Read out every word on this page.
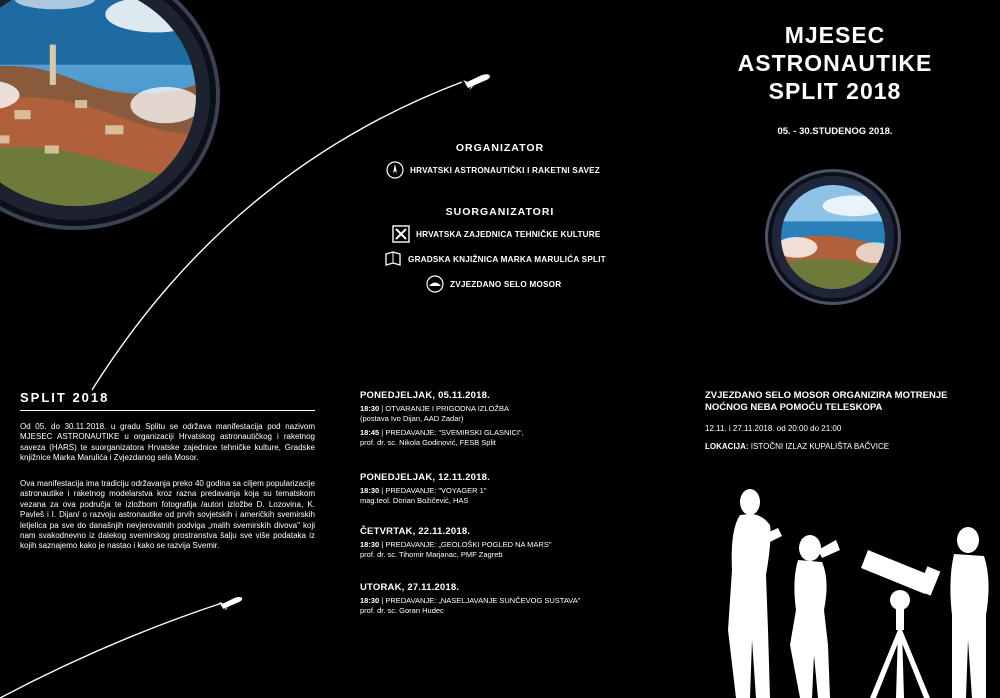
MJESEC
ASTRONAUTIKE
SPLIT 2018
05. - 30.STUDENOG 2018.
ORGANIZATOR
HRVATSKI ASTRONAUTIČKI I RAKETNI SAVEZ
SUORGANIZATORI
HRVATSKA ZAJEDNICA TEHNIČKE KULTURE
GRADSKA KNJIŽNICA MARKA MARULIĆA SPLIT
ZVJEZDANO SELO MOSOR
SPLIT 2018
Od 05. do 30.11.2018. u gradu Splitu se održava manifestacija pod nazivom MJESEC ASTRONAUTIKE u organizaciji Hrvatskog astronautičkog i raketnog saveza (HARS) te suorganizatora Hrvatske zajednice tehničke kulture, Gradske knjižnice Marka Marulića i Zvjezdanog sela Mosor.
Ova manifestacija ima tradiciju održavanja preko 40 godina sa ciljem popularizacije astronautike i raketnog modelarstva kroz razna predavanja koja su tematskom vezana za ova područja te izložbom fotografija /autori izložbe D. Lozovina, K. Pavleš i I. Dijan/ o razvoju astronautike od prvih sovjetskih i američkih svemirskih letjelica pa sve do današnjih nevjerovatnih podviga „malih svemirskih divova" koji nam svakodnevno iz dalekog svemirskog prostranstva šalju sve više podataka iz kojih saznajemo kako je nastao i kako se razvija Svemir.
PONEDJELJAK, 05.11.2018.
18:30 | OTVARANJE I PRIGODNA IZLOŽBA
(postava Ivo Dijan, AAD Zadar)
18:45 | PREDAVANJE: "SVEMIRSKI GLASNICI",
prof. dr. sc. Nikola Godinović, FESB Split
PONEDJELJAK, 12.11.2018.
18:30 | PREDAVANJE: "VOYAGER 1"
mag.teol. Dorian Božičević, HAS
ČETVRTAK, 22.11.2018.
18:30 | PREDAVANJE: „GEOLOŠKI POGLED NA MARS"
prof. dr. sc. Tihomir Marjanac, PMF Zagreb
UTORAK, 27.11.2018.
18:30 | PREDAVANJE: „NASELJAVANJE SUNČEVOG SUSTAVA"
prof. dr. sc. Goran Hudec
ZVJEZDANO SELO MOSOR ORGANIZIRA MOTRENJE NOĆNOG NEBA POMOĆU TELESKOPA
12.11. i 27.11.2018. od 20:00 do 21:00
LOKACIJA: ISTOČNI IZLAZ KUPALIŠTA BAČVICE
